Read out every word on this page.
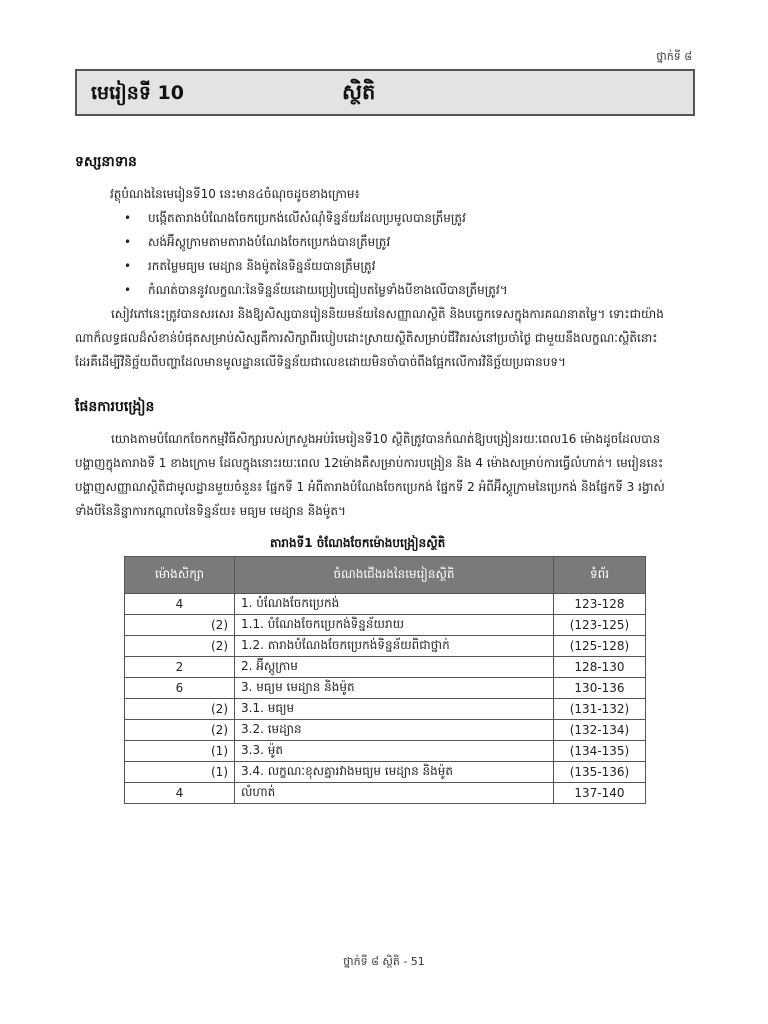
ថ្នាក់ទី ៨
មេរៀនទី 10	ស្ថិតិ
ទស្សនាទាន
វត្ថុបំណងនៃមេរៀនទី10 នេះមាន៤ចំណុចដូចខាងក្រោម៖
• បង្កើតតារាងបំណែងចែកប្រេកង់លើសំណុំទិន្នន័យដែលប្រមូលបានត្រឹមត្រូវ
• សង់អ៊ីស្តូក្រាមតាមតារាងបំណែងចែកប្រេកង់បានត្រឹមត្រូវ
• រកតម្លៃមធ្យម មេដ្យាន និងម៉ូតនៃទិន្នន័យបានត្រឹមត្រូវ
• កំណត់បាននូវលក្ខណៈនៃទិន្នន័យដោយប្រៀបធៀបតម្លៃទាំងបីខាងលើបានត្រឹមត្រូវ។
សៀវភៅនេះត្រូវបានសរសេរ និងឱ្យសិស្សបានរៀននិយមន័យនៃសញ្ញាណស្ថិតិ និងបច្ចេកទេសក្នុងការគណនាតម្លៃ។ ទោះជាយ៉ាង
ណាក៏លទ្ធផលដ៏សំខាន់បំផុតសម្រាប់សិស្សគឺការសិក្សាពីរបៀបដោះស្រាយស្ថិតិសម្រាប់ជីវិតរស់នៅប្រចាំថ្ងៃ ជាមួយនឹងលក្ខណៈស្ថិតិនោះ
ដែរគឺដើម្បីវិនិច្ឆ័យពីបញ្ហាដែលមានមូលដ្ឋានលើទិន្នន័យជាលេខដោយមិនចាំបាច់ពឹងផ្អែកលើការវិនិច្ឆ័យប្រធានបទ។
ផែនការបង្រៀន
យោងតាមបំណែកចែកកម្មវិធីសិក្សារបស់ក្រសួងអប់រំមេរៀនទី10 ស្ថិតិត្រូវបានកំណត់ឱ្យបង្រៀនរយៈពេល16 ម៉ោងដូចដែលបាន
បង្ហាញក្នុងតារាងទី 1 ខាងក្រោម ដែលក្នុងនោះរយៈពេល 12ម៉ោងគឺសម្រាប់ការបង្រៀន និង 4 ម៉ោងសម្រាប់ការធ្វើលំហាត់។ មេរៀននេះ
បង្ហាញសញ្ញាណស្ថិតិជាមូលដ្ឋានមួយចំនួន៖ ផ្នែកទី 1 អំពីតារាងបំណែងចែកប្រេកង់ ផ្នែកទី 2 អំពីអ៊ីស្តូក្រាមនៃប្រេកង់ និងផ្នែកទី 3 រង្វាស់
ទាំងបីនៃនិន្នាការកណ្ដាលនៃទិន្នន័យ៖ មធ្យម មេដ្យាន និងម៉ូត។
តារាងទី1 ចំណែងចែកម៉ោងបង្រៀនស្ថិតិ
ម៉ោងសិក្សា	ចំណងជើងរងនៃមេរៀនស្ថិតិ	ទំព័រ
4	1. បំណែងចែកប្រេកង់	123-128
(2)	1.1. បំណែងចែកប្រេកង់ទិន្នន័យរាយ	(123-125)
(2)	1.2. តារាងបំណែងចែកប្រេកង់ទិន្នន័យពិជាថ្នាក់	(125-128)
2	2. អ៊ីស្តូក្រាម	128-130
6	3. មធ្យម មេដ្យាន និងម៉ូត	130-136
(2)	3.1. មធ្យម	(131-132)
(2)	3.2. មេដ្យាន	(132-134)
(1)	3.3. ម៉ូត	(134-135)
(1)	3.4. លក្ខណៈខុសគ្នារវាងមធ្យម មេដ្យាន និងម៉ូត	(135-136)
4	លំហាត់	137-140
ថ្នាក់ទី ៨ ស្ថិតិ - 51
